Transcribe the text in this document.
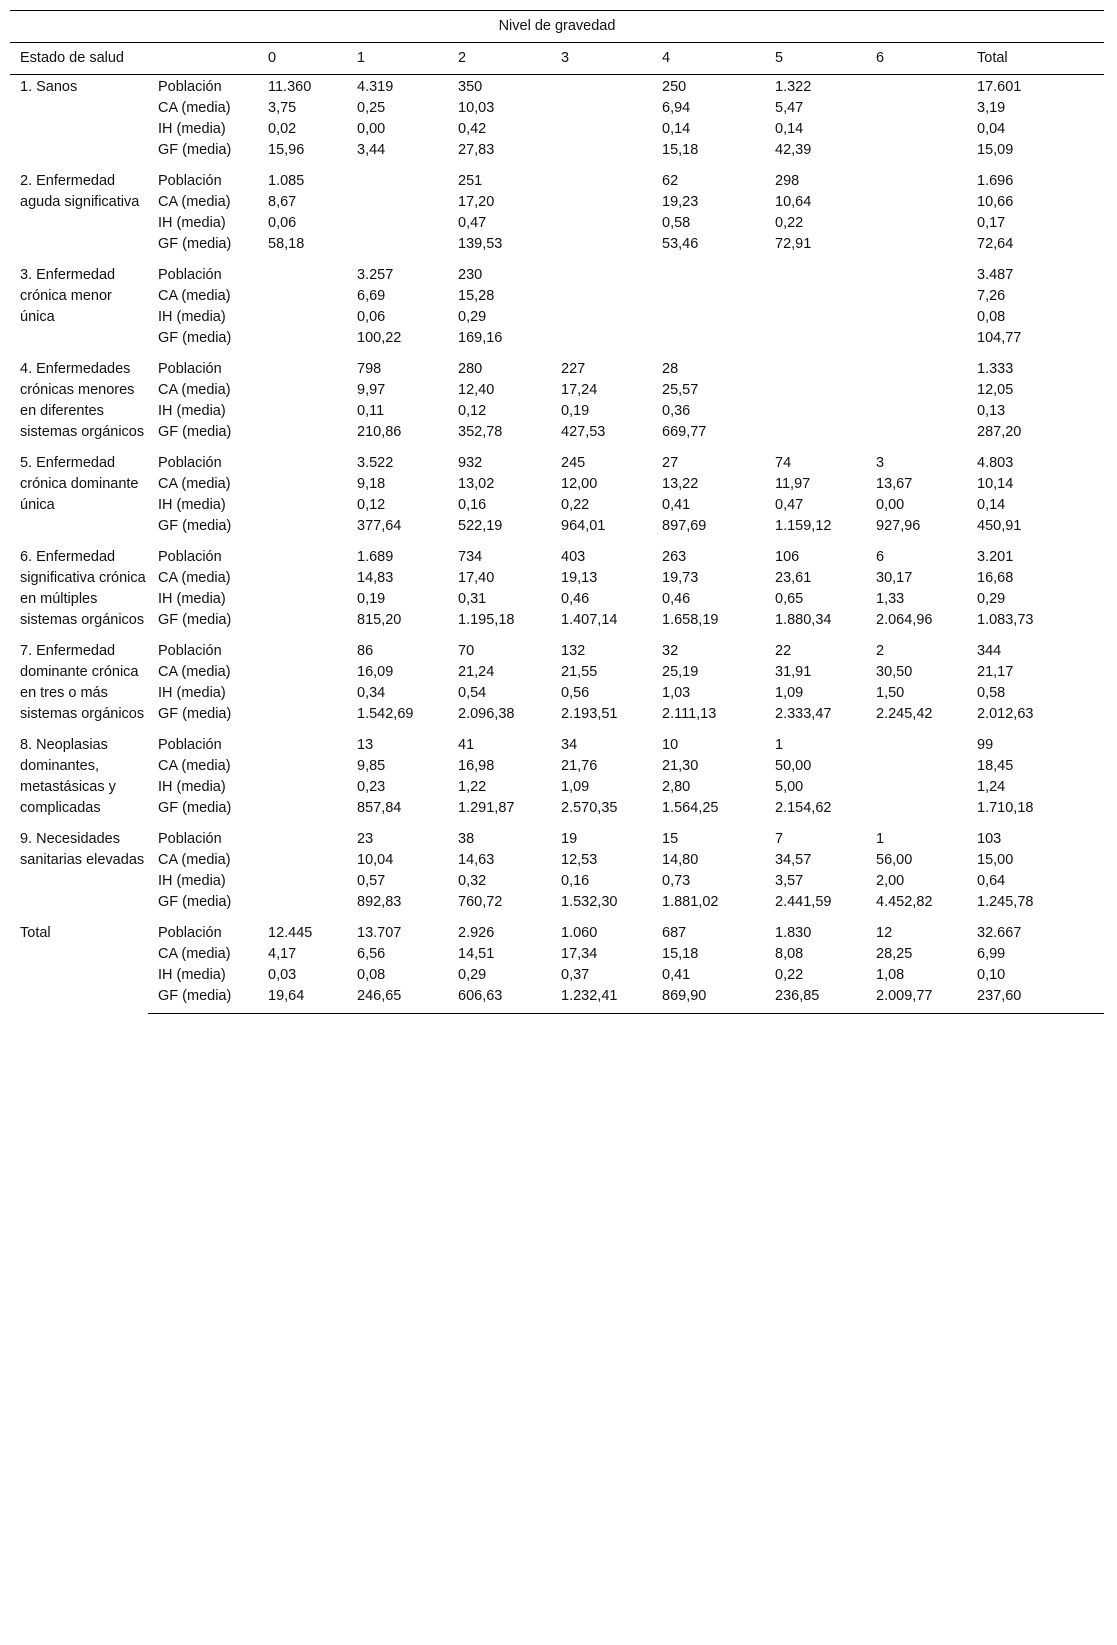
Nivel de gravedad									
Estado de salud		0	1	2	3	4	5	6	Total
1. Sanos	Población	11.360	4.319	350		250	1.322		17.601
	CA (media)	3,75	0,25	10,03		6,94	5,47		3,19
	IH (media)	0,02	0,00	0,42		0,14	0,14		0,04
	GF (media)	15,96	3,44	27,83		15,18	42,39		15,09
2. Enfermedad aguda significativa	Población	1.085		251		62	298		1.696
	CA (media)	8,67		17,20		19,23	10,64		10,66
	IH (media)	0,06		0,47		0,58	0,22		0,17
	GF (media)	58,18		139,53		53,46	72,91		72,64
3. Enfermedad crónica menor única	Población		3.257	230					3.487
	CA (media)		6,69	15,28					7,26
	IH (media)		0,06	0,29					0,08
	GF (media)		100,22	169,16					104,77
4. Enfermedades crónicas menores en diferentes sistemas orgánicos	Población		798	280	227	28			1.333
	CA (media)		9,97	12,40	17,24	25,57			12,05
	IH (media)		0,11	0,12	0,19	0,36			0,13
	GF (media)		210,86	352,78	427,53	669,77			287,20
5. Enfermedad crónica dominante única	Población		3.522	932	245	27	74	3	4.803
	CA (media)		9,18	13,02	12,00	13,22	11,97	13,67	10,14
	IH (media)		0,12	0,16	0,22	0,41	0,47	0,00	0,14
	GF (media)		377,64	522,19	964,01	897,69	1.159,12	927,96	450,91
6. Enfermedad significativa crónica en múltiples sistemas orgánicos	Población		1.689	734	403	263	106	6	3.201
	CA (media)		14,83	17,40	19,13	19,73	23,61	30,17	16,68
	IH (media)		0,19	0,31	0,46	0,46	0,65	1,33	0,29
	GF (media)		815,20	1.195,18	1.407,14	1.658,19	1.880,34	2.064,96	1.083,73
7. Enfermedad dominante crónica en tres o más sistemas orgánicos	Población		86	70	132	32	22	2	344
	CA (media)		16,09	21,24	21,55	25,19	31,91	30,50	21,17
	IH (media)		0,34	0,54	0,56	1,03	1,09	1,50	0,58
	GF (media)		1.542,69	2.096,38	2.193,51	2.111,13	2.333,47	2.245,42	2.012,63
8. Neoplasias dominantes, metastásicas y complicadas	Población		13	41	34	10	1		99
	CA (media)		9,85	16,98	21,76	21,30	50,00		18,45
	IH (media)		0,23	1,22	1,09	2,80	5,00		1,24
	GF (media)		857,84	1.291,87	2.570,35	1.564,25	2.154,62		1.710,18
9. Necesidades sanitarias elevadas	Población		23	38	19	15	7	1	103
	CA (media)		10,04	14,63	12,53	14,80	34,57	56,00	15,00
	IH (media)		0,57	0,32	0,16	0,73	3,57	2,00	0,64
	GF (media)		892,83	760,72	1.532,30	1.881,02	2.441,59	4.452,82	1.245,78
Total	Población	12.445	13.707	2.926	1.060	687	1.830	12	32.667
	CA (media)	4,17	6,56	14,51	17,34	15,18	8,08	28,25	6,99
	IH (media)	0,03	0,08	0,29	0,37	0,41	0,22	1,08	0,10
	GF (media)	19,64	246,65	606,63	1.232,41	869,90	236,85	2.009,77	237,60
